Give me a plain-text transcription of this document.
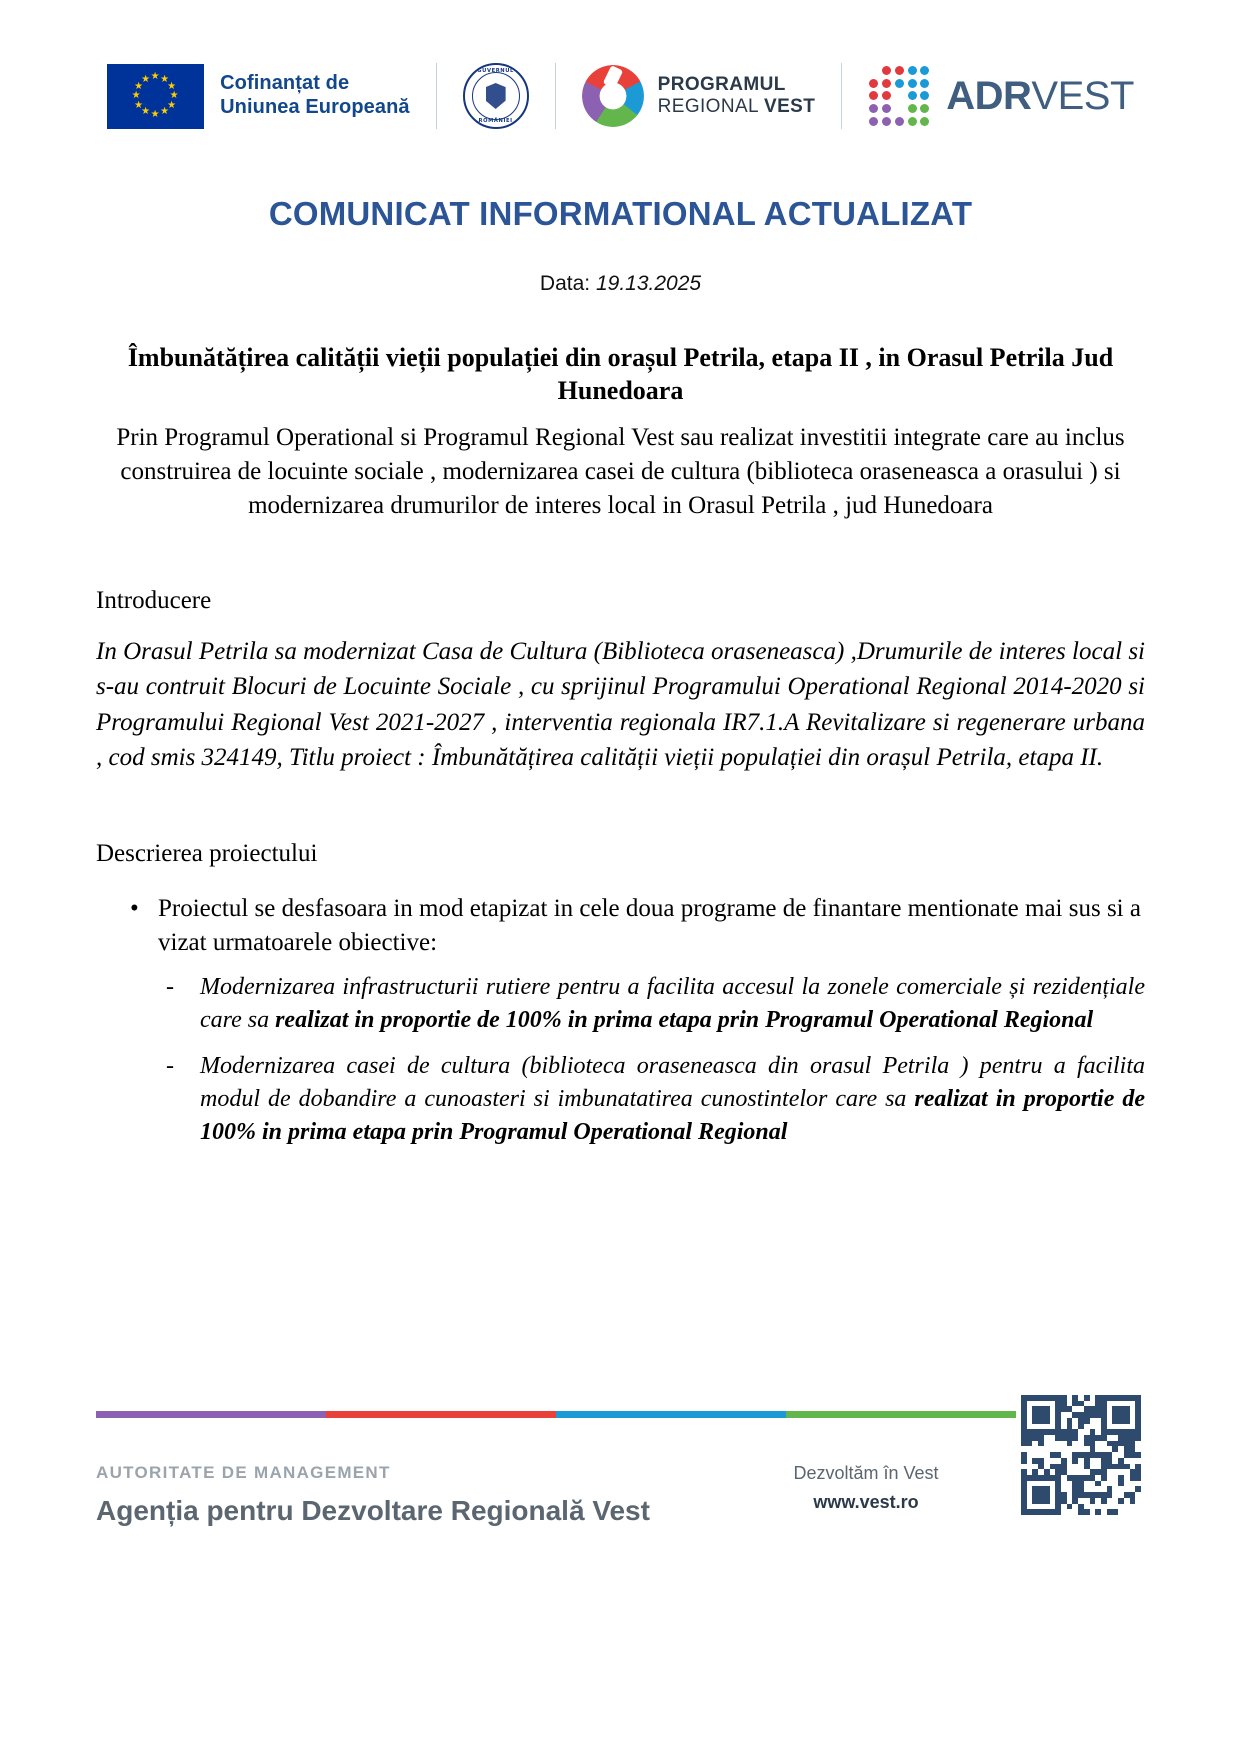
★ ★
★
★
★
★
★
★
★
★
★
★	Cofinanțat de
Uniunea Europeană
GUVERNUL
ROMÂNIEI
PROGRAMUL
REGIONAL VEST	ADRVEST
COMUNICAT INFORMATIONAL ACTUALIZAT
Data: 19.13.2025
Îmbunătățirea calității vieții populației din orașul Petrila, etapa II , in Orasul Petrila Jud Hunedoara

Prin Programul Operational si Programul Regional Vest sau realizat investitii integrate care au inclus construirea de locuinte sociale , modernizarea casei de cultura (biblioteca oraseneasca a orasului ) si modernizarea drumurilor de interes local in Orasul Petrila , jud Hunedoara

Introducere

In Orasul Petrila sa modernizat Casa de Cultura (Biblioteca oraseneasca) ,Drumurile de interes local si s-au contruit Blocuri de Locuinte Sociale , cu sprijinul Programului Operational Regional 2014-2020 si Programului Regional Vest 2021-2027 , interventia regionala IR7.1.A Revitalizare si regenerare urbana , cod smis 324149, Titlu proiect : Îmbunătățirea calității vieții populației din orașul Petrila, etapa II.

Descrierea proiectului
• Proiectul se desfasoara in mod etapizat in cele doua programe de finantare mentionate mai sus si a vizat urmatoarele obiective:
- Modernizarea infrastructurii rutiere pentru a facilita accesul la zonele comerciale și rezidențiale care sa realizat in proportie de 100% in prima etapa prin Programul Operational Regional
- Modernizarea casei de cultura (biblioteca oraseneasca din orasul Petrila ) pentru a facilita modul de dobandire a cunoasteri si imbunatatirea cunostintelor care sa realizat in proportie de 100% in prima etapa prin Programul Operational Regional
AUTORITATE DE MANAGEMENT
Agenția pentru Dezvoltare Regională Vest
Dezvoltăm în Vest
www.vest.ro
